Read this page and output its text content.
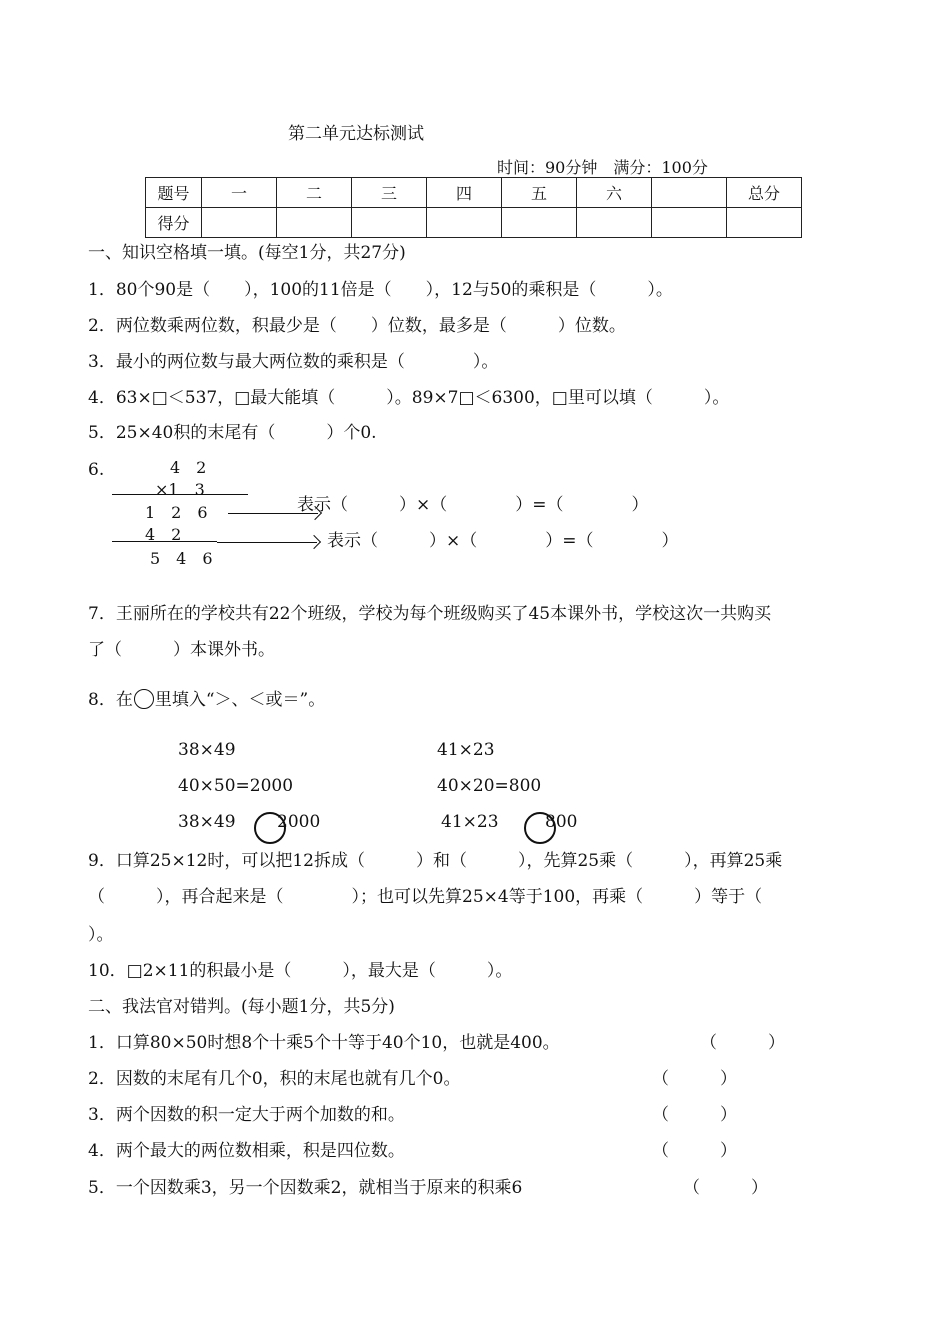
第二单元达标测试
时间：90分钟　满分：100分
题号	一	二	三	四	五	六		总分
得分								
一、知识空格填一填。(每空1分，共27分)
1．80个90是（　　），100的11倍是（　　），12与50的乘积是（　　　）。
2．两位数乘两位数，积最少是（　　）位数，最多是（　　　）位数。
3．最小的两位数与最大两位数的乘积是（　　　　）。
4．63×□＜537，□最大能填（　　　）。89×7□＜6300，□里可以填（　　　）。
5．25×40积的末尾有（　　　）个0.
6.	4　2
×1　3
1　2　6	表示（　　　）×（　　　　）=（　　　　）
4　2	表示（　　　）×（　　　　）=（　　　　）
5　4　6
7．王丽所在的学校共有22个班级，学校为每个班级购买了45本课外书，学校这次一共购买
了（　　　）本课外书。
8．在 里填入“＞、＜或＝”。
38×49	41×23
40×50=2000	40×20=800
38×49 2000	41×23	800
9．口算25×12时，可以把12拆成（　　　）和（　　　），先算25乘（　　　），再算25乘
（　　　），再合起来是（　　　　）；也可以先算25×4等于100，再乘（　　　）等于（
）。
10．□2×11的积最小是（　　　），最大是（　　　）。
二、我法官对错判。(每小题1分，共5分)
1．口算80×50时想8个十乘5个十等于40个10，也就是400。	（　　　）
2．因数的末尾有几个0，积的末尾也就有几个0。	（　　　）
3．两个因数的积一定大于两个加数的和。	（　　　）
4．两个最大的两位数相乘，积是四位数。	（　　　）
5．一个因数乘3，另一个因数乘2，就相当于原来的积乘6	（　　　）
